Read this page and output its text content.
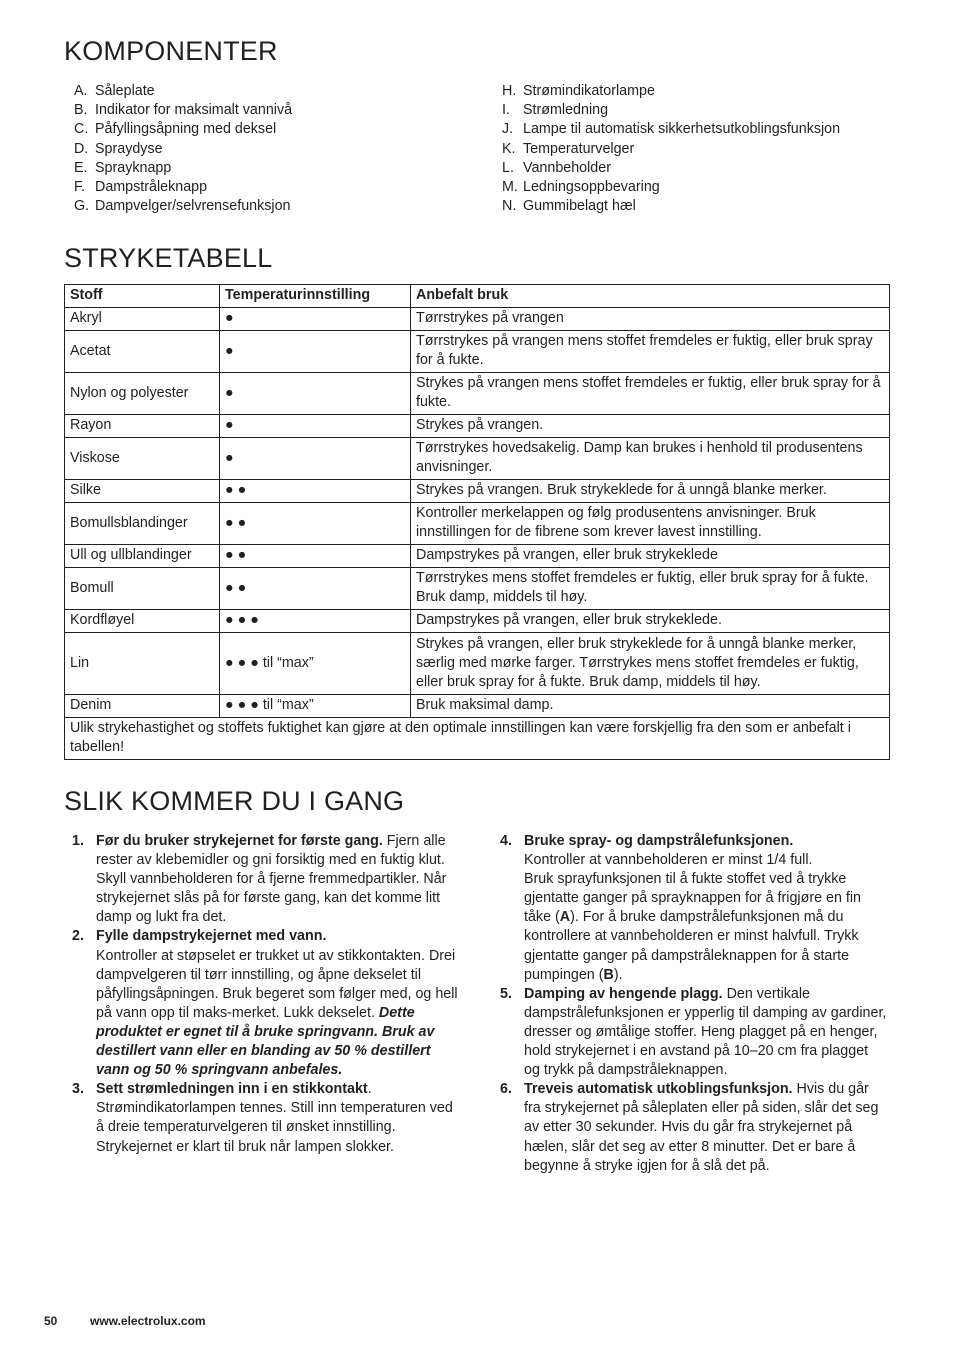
KOMPONENTER
A. Såleplate
B. Indikator for maksimalt vannivå
C. Påfyllingsåpning med deksel
D. Spraydyse
E. Sprayknapp
F. Dampstråleknapp
G. Dampvelger/selvrensefunksjon
H. Strømindikatorlampe
I. Strømledning
J. Lampe til automatisk sikkerhetsutkoblingsfunksjon
K. Temperaturvelger
L. Vannbeholder
M. Ledningsoppbevaring
N. Gummibelagt hæl
STRYKETABELL
Stoff	Temperaturinnstilling	Anbefalt bruk
Akryl	●	Tørrstrykes på vrangen
Acetat	●	Tørrstrykes på vrangen mens stoffet fremdeles er fuktig, eller bruk spray for å fukte.
Nylon og polyester	●	Strykes på vrangen mens stoffet fremdeles er fuktig, eller bruk spray for å fukte.
Rayon	●	Strykes på vrangen.
Viskose	●	Tørrstrykes hovedsakelig. Damp kan brukes i henhold til produsentens anvisninger.
Silke	● ●	Strykes på vrangen. Bruk strykeklede for å unngå blanke merker.
Bomullsblandinger	● ●	Kontroller merkelappen og følg produsentens anvisninger. Bruk innstillingen for de fibrene som krever lavest innstilling.
Ull og ullblandinger	● ●	Dampstrykes på vrangen, eller bruk strykeklede
Bomull	● ●	Tørrstrykes mens stoffet fremdeles er fuktig, eller bruk spray for å fukte. Bruk damp, middels til høy.
Kordfløyel	● ● ●	Dampstrykes på vrangen, eller bruk strykeklede.
Lin	● ● ● til “max”	Strykes på vrangen, eller bruk strykeklede for å unngå blanke merker, særlig med mørke farger. Tørrstrykes mens stoffet fremdeles er fuktig, eller bruk spray for å fukte. Bruk damp, middels til høy.
Denim	● ● ● til “max”	Bruk maksimal damp.
Ulik strykehastighet og stoffets fuktighet kan gjøre at den optimale innstillingen kan være forskjellig fra den som er anbefalt i tabellen!		
SLIK KOMMER DU I GANG
1. Før du bruker strykejernet for første gang. Fjern alle rester av klebemidler og gni forsiktig med en fuktig klut. Skyll vannbeholderen for å fjerne fremmedpartikler. Når strykejernet slås på for første gang, kan det komme litt damp og lukt fra det.
2. Fylle dampstrykejernet med vann.
Kontroller at støpselet er trukket ut av stikkontakten. Drei dampvelgeren til tørr innstilling, og åpne dekselet til påfyllingsåpningen. Bruk begeret som følger med, og hell på vann opp til maks-merket. Lukk dekselet. Dette produktet er egnet til å bruke springvann. Bruk av destillert vann eller en blanding av 50 % destillert vann og 50 % springvann anbefales.
3. Sett strømledningen inn i en stikkontakt.
Strømindikatorlampen tennes. Still inn temperaturen ved å dreie temperaturvelgeren til ønsket innstilling. Strykejernet er klart til bruk når lampen slokker.
4. Bruke spray- og dampstrålefunksjonen.
Kontroller at vannbeholderen er minst 1/4 full.
Bruk sprayfunksjonen til å fukte stoffet ved å trykke gjentatte ganger på sprayknappen for å frigjøre en fin tåke (A). For å bruke dampstrålefunksjonen må du kontrollere at vannbeholderen er minst halvfull. Trykk gjentatte ganger på dampstråleknappen for å starte pumpingen (B).
5. Damping av hengende plagg. Den vertikale dampstrålefunksjonen er ypperlig til damping av gardiner, dresser og ømtålige stoffer. Heng plagget på en henger, hold strykejernet i en avstand på 10–20 cm fra plagget og trykk på dampstråleknappen.
6. Treveis automatisk utkoblingsfunksjon. Hvis du går fra strykejernet på såleplaten eller på siden, slår det seg av etter 30 sekunder. Hvis du går fra strykejernet på hælen, slår det seg av etter 8 minutter. Det er bare å begynne å stryke igjen for å slå det på.
50	www.electrolux.com
